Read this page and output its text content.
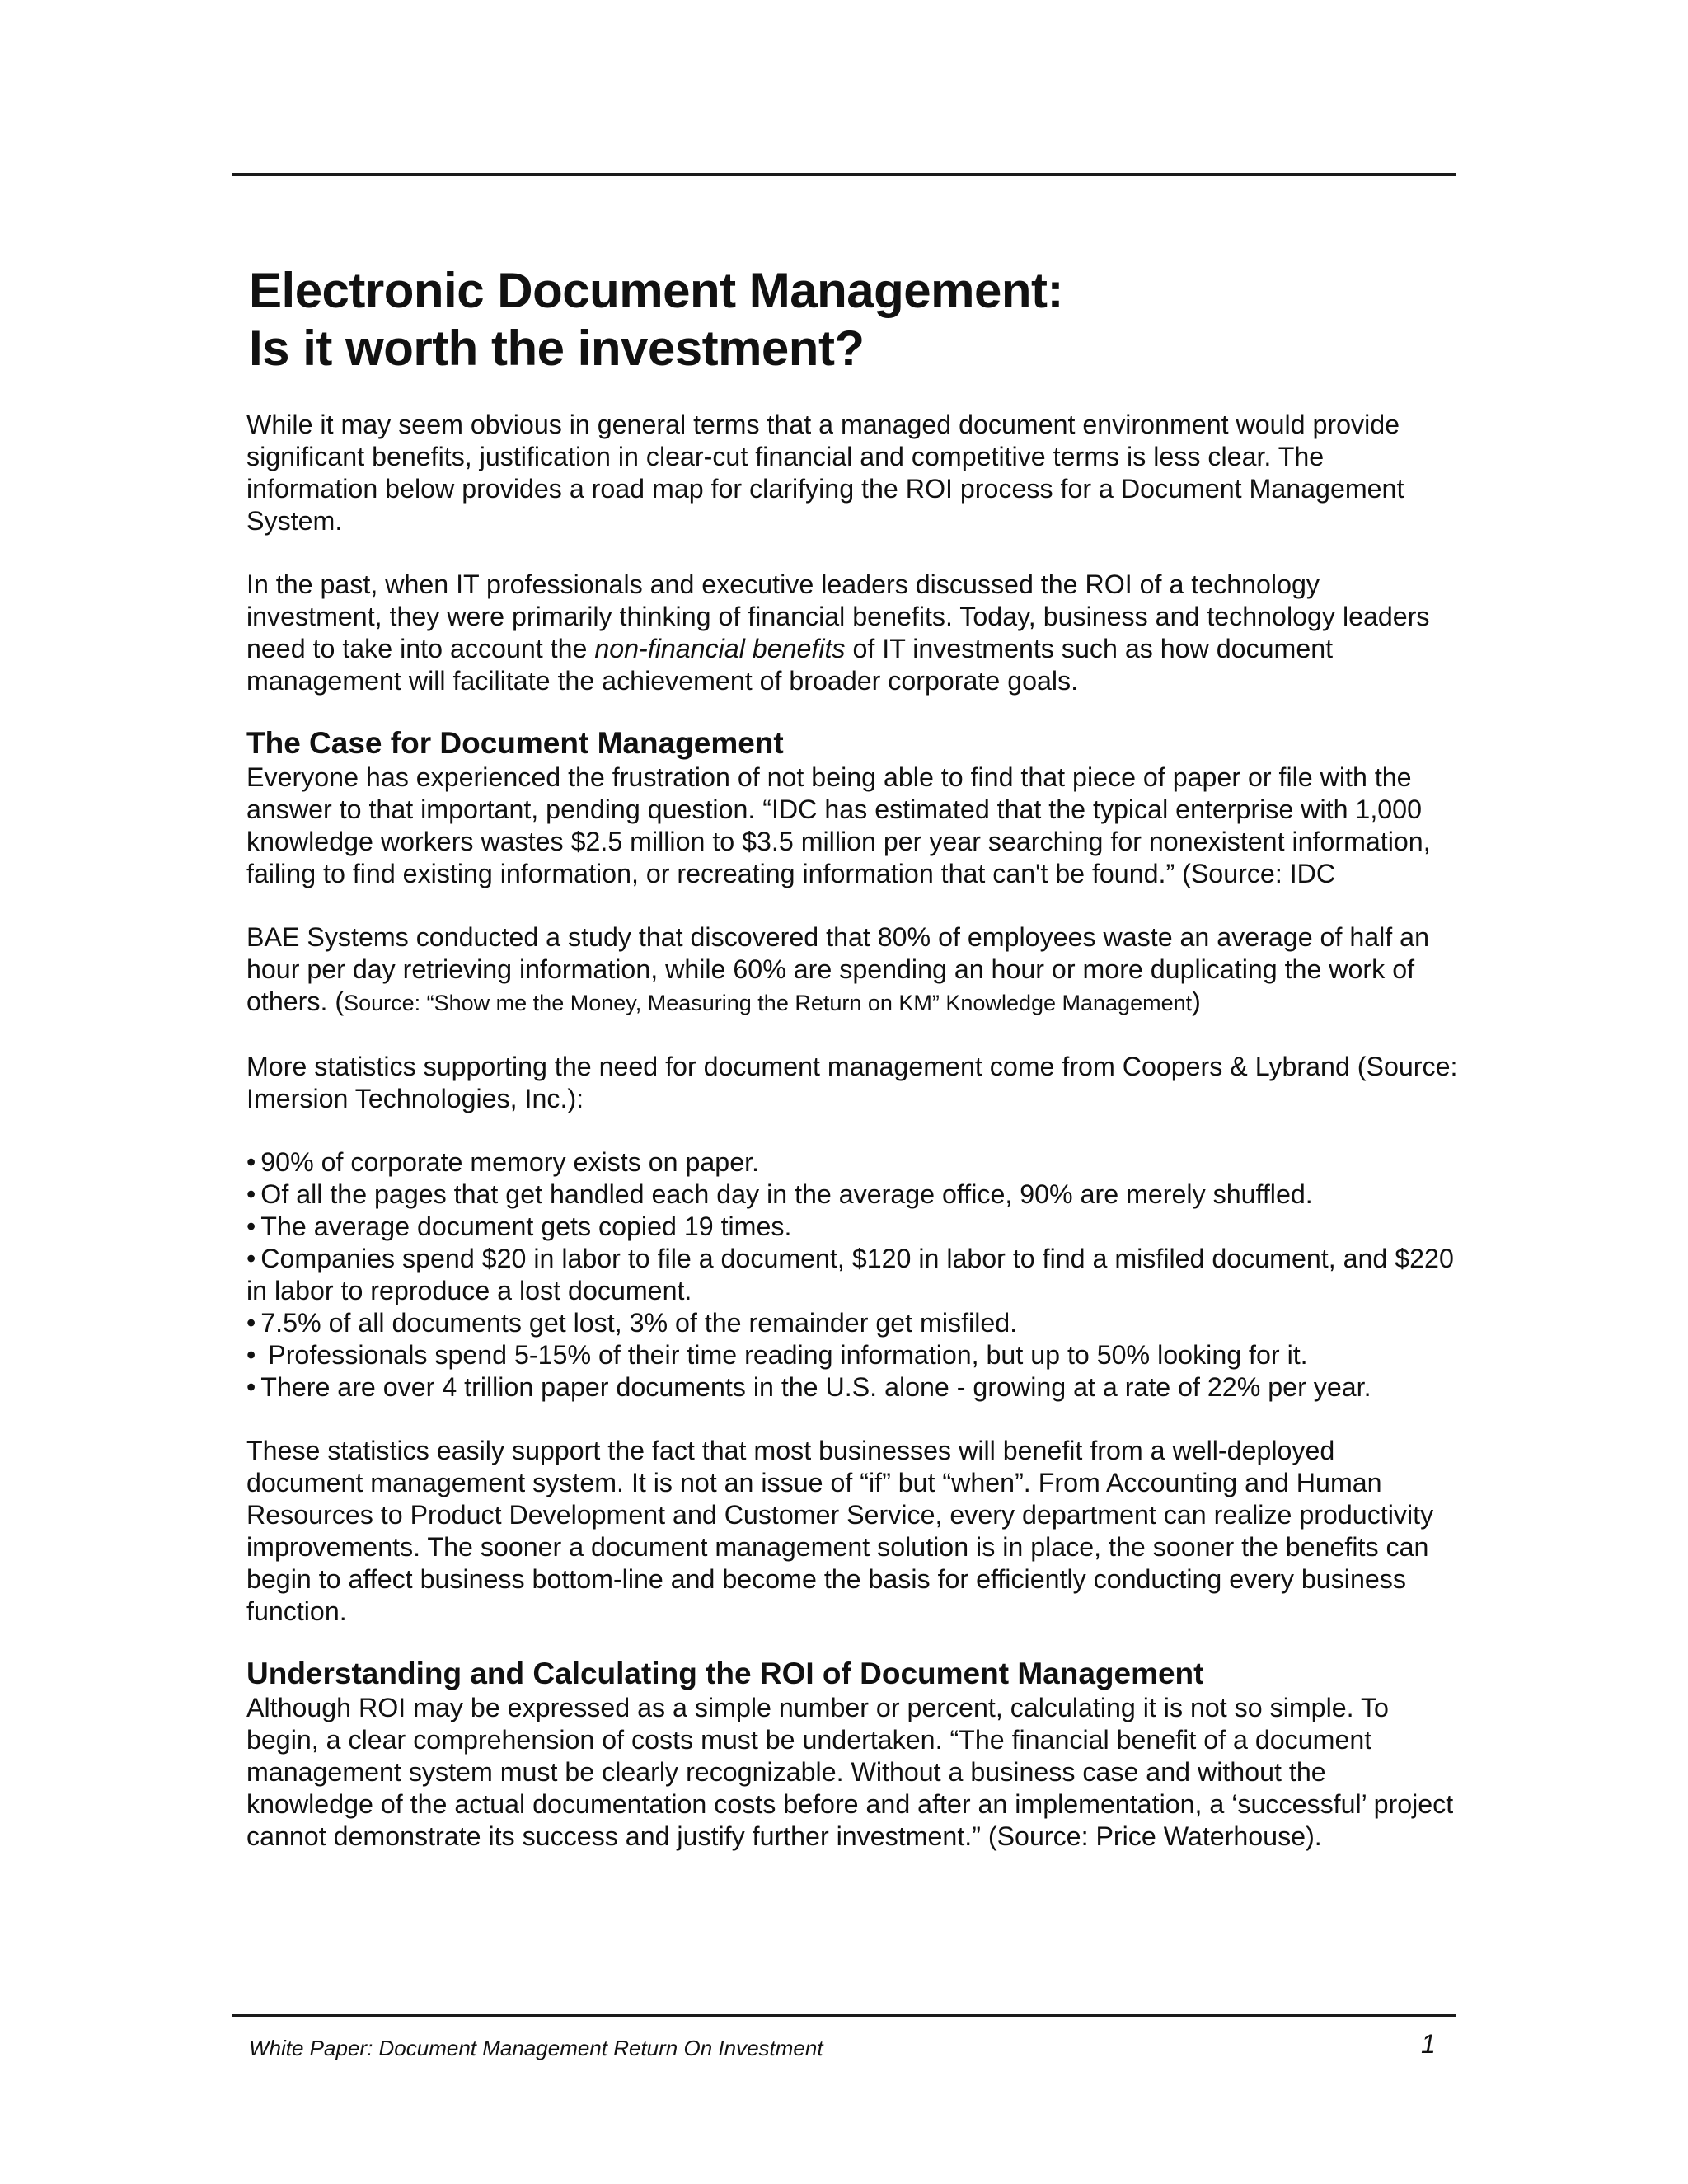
Electronic Document Management:
Is it worth the investment?

While it may seem obvious in general terms that a managed document environment would provide significant benefits, justification in clear-cut financial and competitive terms is less clear. The information below provides a road map for clarifying the ROI process for a Document Management System.

In the past, when IT professionals and executive leaders discussed the ROI of a technology investment, they were primarily thinking of financial benefits. Today, business and technology leaders need to take into account the non-financial benefits of IT investments such as how document management will facilitate the achievement of broader corporate goals.

The Case for Document Management

Everyone has experienced the frustration of not being able to find that piece of paper or file with the answer to that important, pending question. “IDC has estimated that the typical enterprise with 1,000 knowledge workers wastes $2.5 million to $3.5 million per year searching for nonexistent information, failing to find existing information, or recreating information that can't be found.” (Source: IDC

BAE Systems conducted a study that discovered that 80% of employees waste an average of half an hour per day retrieving information, while 60% are spending an hour or more duplicating the work of others. (Source: “Show me the Money, Measuring the Return on KM” Knowledge Management)

More statistics supporting the need for document management come from Coopers & Lybrand (Source: Imersion Technologies, Inc.):

• 90% of corporate memory exists on paper.
• Of all the pages that get handled each day in the average office, 90% are merely shuffled.
• The average document gets copied 19 times.
• Companies spend $20 in labor to file a document, $120 in labor to find a misfiled document, and $220 in labor to reproduce a lost document.
• 7.5% of all documents get lost, 3% of the remainder get misfiled.
• Professionals spend 5-15% of their time reading information, but up to 50% looking for it.
• There are over 4 trillion paper documents in the U.S. alone - growing at a rate of 22% per year.

These statistics easily support the fact that most businesses will benefit from a well-deployed document management system. It is not an issue of “if” but “when”. From Accounting and Human Resources to Product Development and Customer Service, every department can realize productivity improvements. The sooner a document management solution is in place, the sooner the benefits can begin to affect business bottom-line and become the basis for efficiently conducting every business function.

Understanding and Calculating the ROI of Document Management

Although ROI may be expressed as a simple number or percent, calculating it is not so simple. To begin, a clear comprehension of costs must be undertaken. “The financial benefit of a document management system must be clearly recognizable. Without a business case and without the knowledge of the actual documentation costs before and after an implementation, a ‘successful’ project cannot demonstrate its success and justify further investment.” (Source: Price Waterhouse).

White Paper: Document Management Return On Investment	1
